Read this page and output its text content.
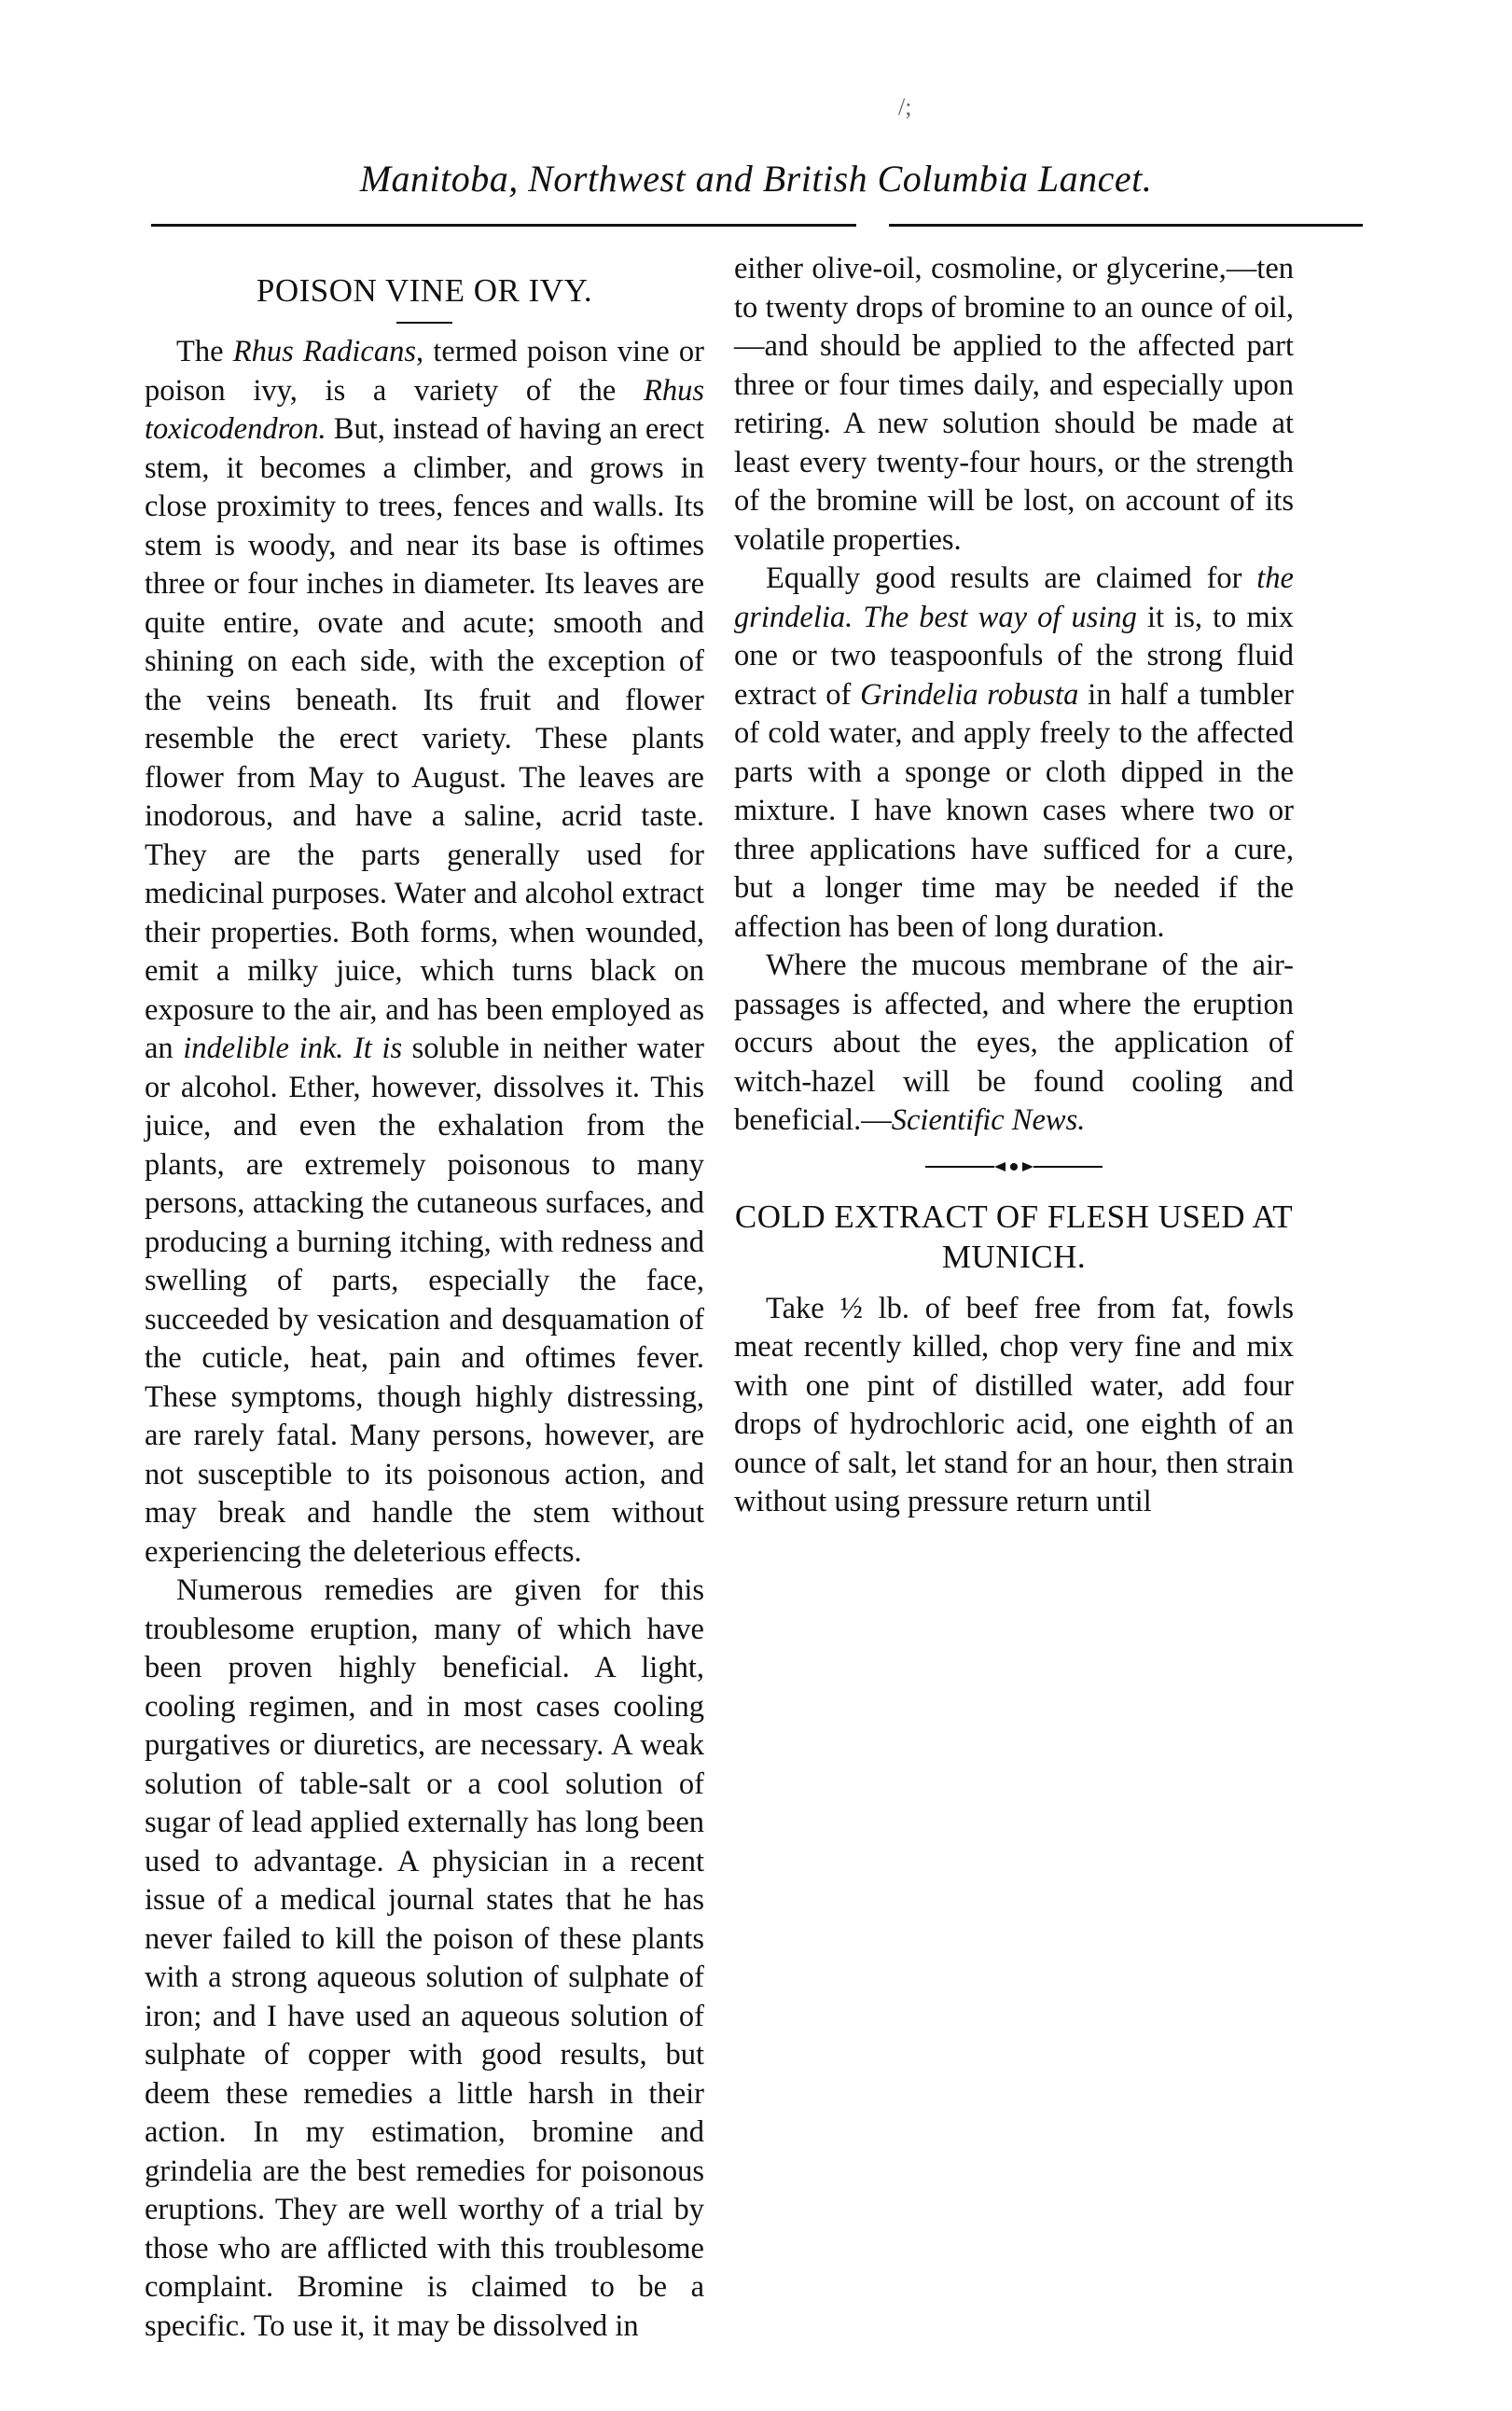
/;
Manitoba, Northwest and British Columbia Lancet.
POISON VINE OR IVY.

The Rhus Radicans, termed poison vine or poison ivy, is a variety of the Rhus toxicodendron. But, instead of having an erect stem, it becomes a climber, and grows in close proximity to trees, fences and walls. Its stem is woody, and near its base is oftimes three or four inches in diameter. Its leaves are quite entire, ovate and acute; smooth and shining on each side, with the exception of the veins beneath. Its fruit and flower resemble the erect variety. These plants flower from May to August. The leaves are inodorous, and have a saline, acrid taste. They are the parts generally used for medicinal purposes. Water and alcohol extract their properties. Both forms, when wounded, emit a milky juice, which turns black on exposure to the air, and has been employed as an indelible ink. It is soluble in neither water or alcohol. Ether, however, dissolves it. This juice, and even the exhalation from the plants, are extremely poisonous to many persons, attacking the cutaneous surfaces, and producing a burning itching, with redness and swelling of parts, especially the face, succeeded by vesication and desquamation of the cuticle, heat, pain and oftimes fever. These symptoms, though highly distressing, are rarely fatal. Many persons, however, are not susceptible to its poisonous action, and may break and handle the stem without experiencing the deleterious effects.

Numerous remedies are given for this troublesome eruption, many of which have been proven highly beneficial. A light, cooling regimen, and in most cases cooling purgatives or diuretics, are necessary. A weak solution of table-salt or a cool solution of sugar of lead applied externally has long been used to advantage. A physician in a recent issue of a medical journal states that he has never failed to kill the poison of these plants with a strong aqueous solution of sulphate of iron; and I have used an aqueous solution of sulphate of copper with good results, but deem these remedies a little harsh in their action. In my estimation, bromine and grindelia are the best remedies for poisonous eruptions. They are well worthy of a trial by those who are afflicted with this troublesome complaint. Bromine is claimed to be a specific. To use it, it may be dissolved in

either olive-oil, cosmoline, or glycerine,—ten to twenty drops of bromine to an ounce of oil,—and should be applied to the affected part three or four times daily, and especially upon retiring. A new solution should be made at least every twenty-four hours, or the strength of the bromine will be lost, on account of its volatile properties.

Equally good results are claimed for the grindelia. The best way of using it is, to mix one or two teaspoonfuls of the strong fluid extract of Grindelia robusta in half a tumbler of cold water, and apply freely to the affected parts with a sponge or cloth dipped in the mixture. I have known cases where two or three applications have sufficed for a cure, but a longer time may be needed if the affection has been of long duration.

Where the mucous membrane of the air-passages is affected, and where the eruption occurs about the eyes, the application of witch-hazel will be found cooling and beneficial.—Scientific News.

COLD EXTRACT OF FLESH USED AT MUNICH.

Take ½ lb. of beef free from fat, fowls meat recently killed, chop very fine and mix with one pint of distilled water, add four drops of hydrochloric acid, one eighth of an ounce of salt, let stand for an hour, then strain without using pressure return until
